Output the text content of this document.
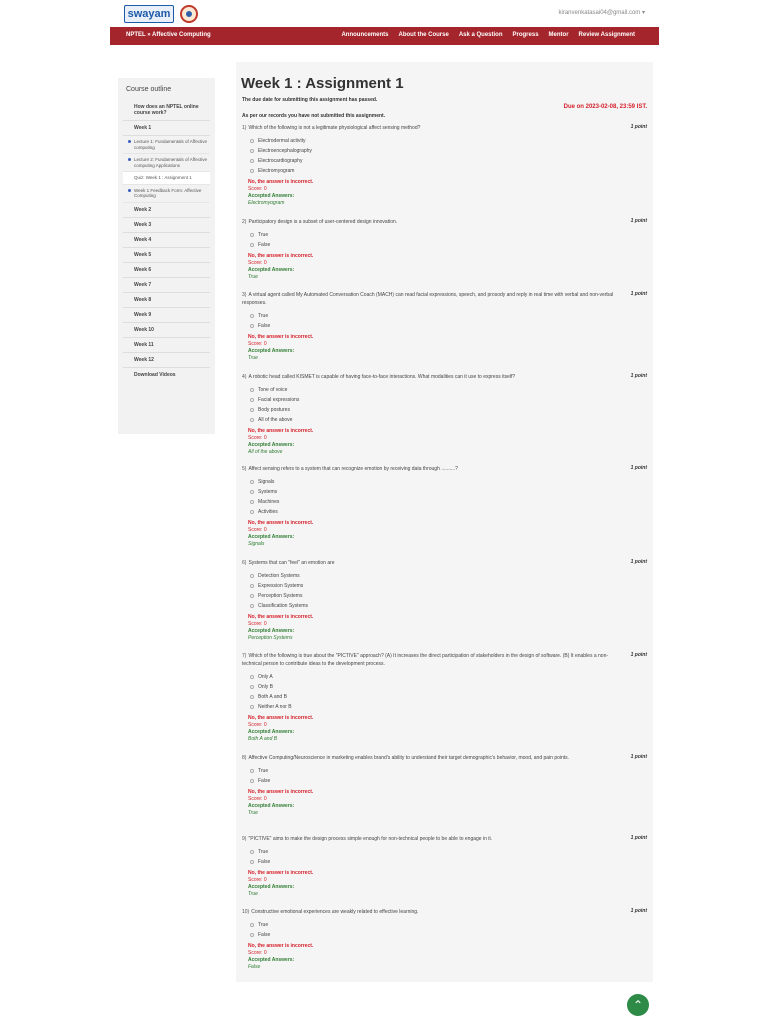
swayam	kiranvenkatasai04@gmail.com ▾
NPTEL » Affective Computing	Announcements About the Course Ask a Question Progress Mentor Review Assignment
Course outline
How does an NPTEL online course work?
Week 1
Lecture 1: Fundamentals of Affective computing
Lecture 2: Fundamentals of Affective computing Applications
Quiz: Week 1 : Assignment 1
Week 1 Feedback Form: Affective Computing
Week 2
Week 3
Week 4
Week 5
Week 6
Week 7
Week 8
Week 9
Week 10
Week 11
Week 12
Download Videos
Week 1 : Assignment 1
The due date for submitting this assignment has passed.
Due on 2023-02-08, 23:59 IST.
As per our records you have not submitted this assignment.
1) Which of the following is not a legitimate physiological affect sensing method?	1 point
Electrodermal activity
Electroencephalography
Electrocardiography
Electromyogram
No, the answer is incorrect.
Score: 0
Accepted Answers:
Electromyogram
2) Participatory design is a subset of user-centered design innovation.	1 point
True
False
No, the answer is incorrect.
Score: 0
Accepted Answers:
True
3) A virtual agent called My Automated Conversation Coach (MACH) can read facial expressions, speech, and prosody and reply in real time with verbal and non-verbal responses.
1 point
True
False
No, the answer is incorrect.
Score: 0
Accepted Answers:
True
4) A robotic head called KISMET is capable of having face-to-face interactions. What modalities can it use to express itself?	1 point
Tone of voice
Facial expressions
Body postures
All of the above
No, the answer is incorrect.
Score: 0
Accepted Answers:
All of the above
5) Affect sensing refers to a system that can recognize emotion by receiving data through ..........?	1 point
Signals
Systems
Machines
Activities
No, the answer is incorrect.
Score: 0
Accepted Answers:
Signals
6) Systems that can "feel" an emotion are	1 point
Detection Systems
Expression Systems
Perception Systems
Classification Systems
No, the answer is incorrect.
Score: 0
Accepted Answers:
Perception Systems
7) Which of the following is true about the "PICTIVE" approach? (A) It increases the direct participation of stakeholders in the design of software. (B) It enables a non-technical person to contribute ideas to the development process.
1 point
Only A
Only B
Both A and B
Neither A nor B
No, the answer is incorrect.
Score: 0
Accepted Answers:
Both A and B
8) Affective Computing/Neuroscience in marketing enables brand's ability to understand their target demographic's behavior, mood, and pain points.	1 point
True
False
No, the answer is incorrect.
Score: 0
Accepted Answers:
True
9) "PICTIVE" aims to make the design process simple enough for non-technical people to be able to engage in it.	1 point
True
False
No, the answer is incorrect.
Score: 0
Accepted Answers:
True
10) Constructive emotional experiences are weakly related to effective learning.	1 point
True
False
No, the answer is incorrect.
Score: 0
Accepted Answers:
False
⌃
